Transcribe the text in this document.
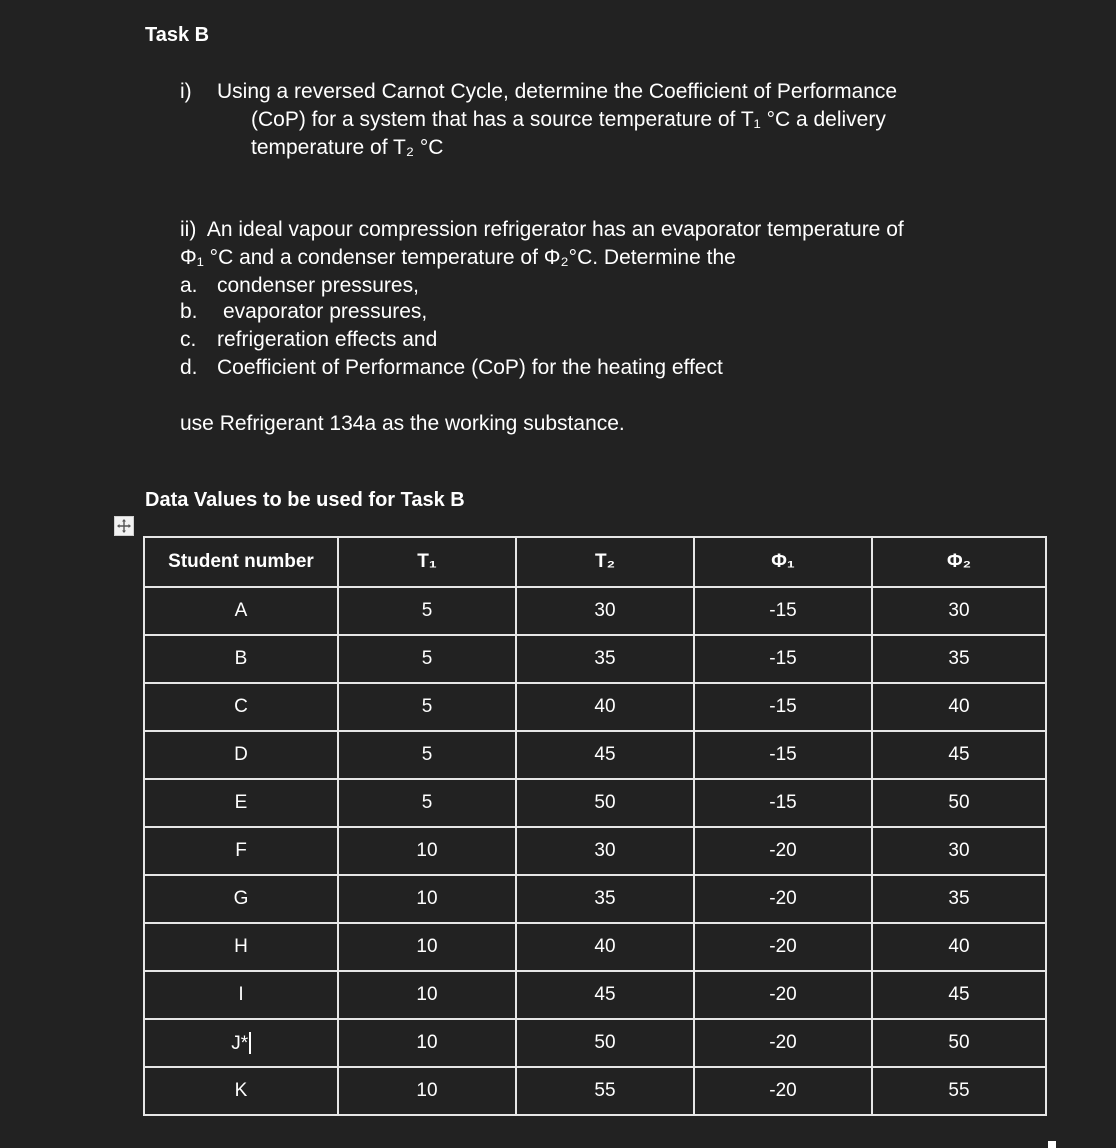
Task B
i) Using a reversed Carnot Cycle, determine the Coefficient of Performance
(CoP) for a system that has a source temperature of T₁ °C a delivery
temperature of T₂ °C
ii)  An ideal vapour compression refrigerator has an evaporator temperature of
Φ₁ °C and a condenser temperature of Φ₂°C. Determine the
a. condenser pressures,
b. evaporator pressures,
c. refrigeration effects and
d. Coefficient of Performance (CoP) for the heating effect
use Refrigerant 134a as the working substance.
Data Values to be used for Task B
Student number	T₁	T₂	Φ₁	Φ₂
A	5	30	-15	30
B	5	35	-15	35
C	5	40	-15	40
D	5	45	-15	45
E	5	50	-15	50
F	10	30	-20	30
G	10	35	-20	35
H	10	40	-20	40
I	10	45	-20	45
J*	10	50	-20	50
K	10	55	-20	55
